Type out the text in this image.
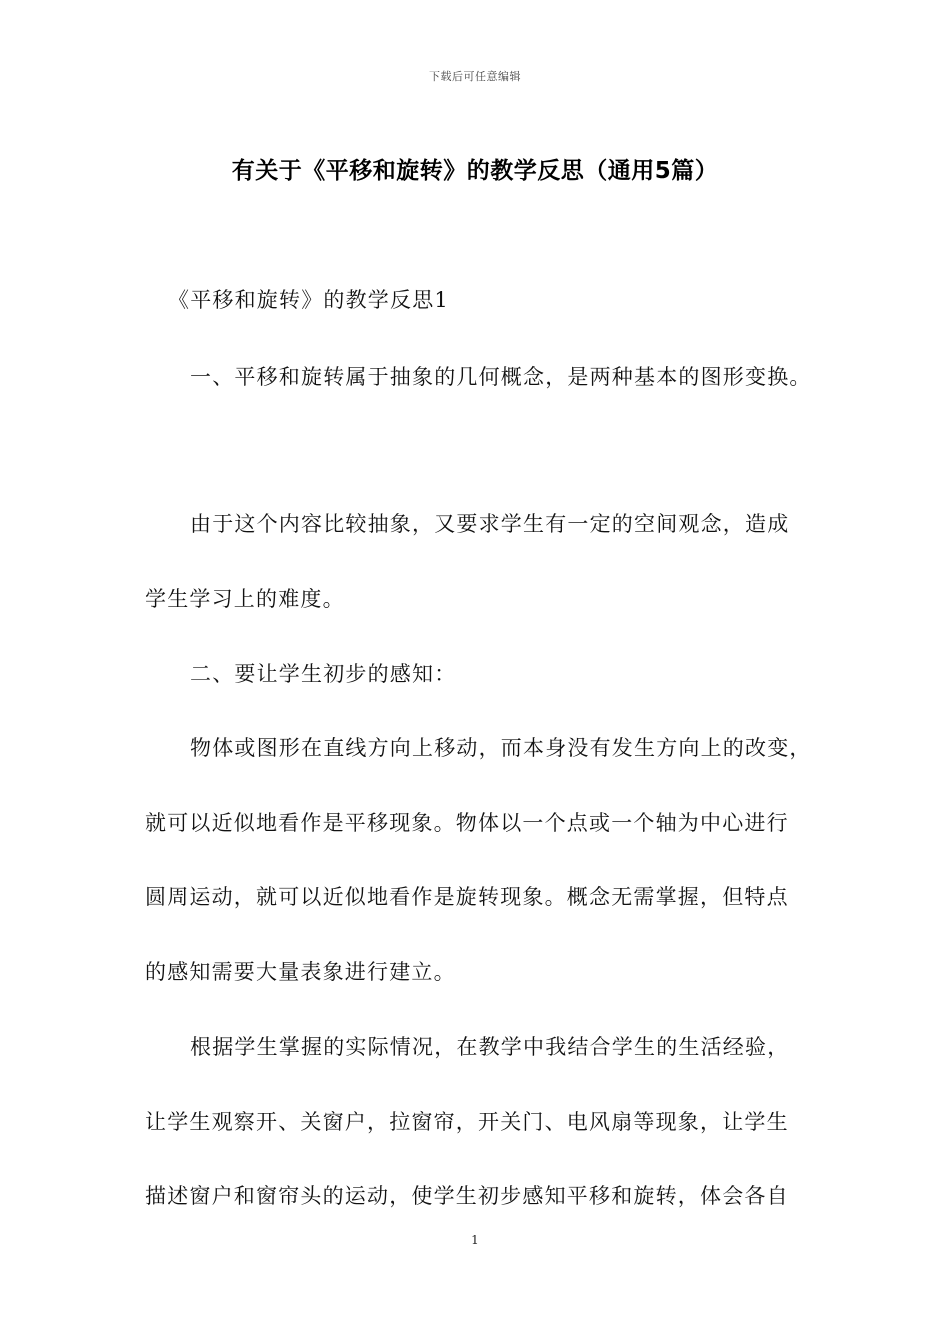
下载后可任意编辑
有关于《平移和旋转》的教学反思（通用5篇）
《平移和旋转》的教学反思1
一、平移和旋转属于抽象的几何概念，是两种基本的图形变换。
由于这个内容比较抽象，又要求学生有一定的空间观念，造成
学生学习上的难度。
二、要让学生初步的感知：
物体或图形在直线方向上移动，而本身没有发生方向上的改变，
就可以近似地看作是平移现象。物体以一个点或一个轴为中心进行
圆周运动，就可以近似地看作是旋转现象。概念无需掌握，但特点
的感知需要大量表象进行建立。
根据学生掌握的实际情况，在教学中我结合学生的生活经验，
让学生观察开、关窗户，拉窗帘，开关门、电风扇等现象，让学生
描述窗户和窗帘头的运动，使学生初步感知平移和旋转，体会各自
1
